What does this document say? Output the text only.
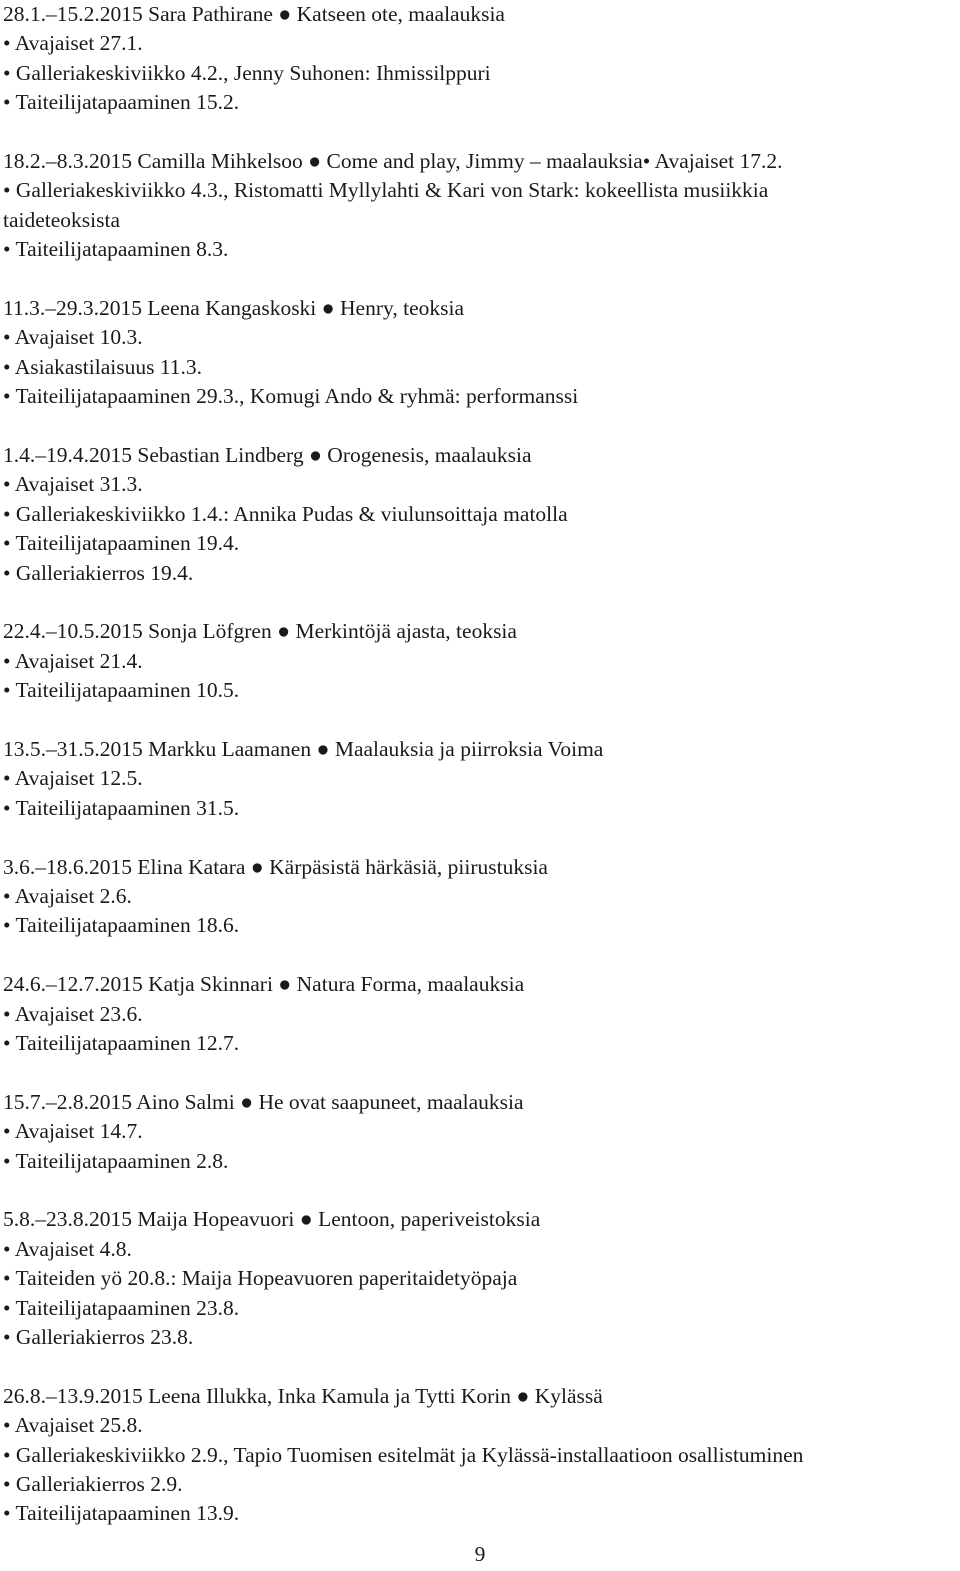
28.1.–15.2.2015 Sara Pathirane ● Katseen ote, maalauksia
• Avajaiset 27.1.
• Galleriakeskiviikko 4.2., Jenny Suhonen: Ihmissilppuri
• Taiteilijatapaaminen 15.2.
18.2.–8.3.2015 Camilla Mihkelsoo ● Come and play, Jimmy – maalauksia• Avajaiset 17.2.
• Galleriakeskiviikko 4.3., Ristomatti Myllylahti & Kari von Stark: kokeellista musiikkia
taideteoksista
• Taiteilijatapaaminen 8.3.
11.3.–29.3.2015 Leena Kangaskoski ● Henry, teoksia
• Avajaiset 10.3.
• Asiakastilaisuus 11.3.
• Taiteilijatapaaminen 29.3., Komugi Ando & ryhmä: performanssi
1.4.–19.4.2015 Sebastian Lindberg ● Orogenesis, maalauksia
• Avajaiset 31.3.
• Galleriakeskiviikko 1.4.: Annika Pudas & viulunsoittaja matolla
• Taiteilijatapaaminen 19.4.
• Galleriakierros 19.4.
22.4.–10.5.2015 Sonja Löfgren ● Merkintöjä ajasta, teoksia
• Avajaiset 21.4.
• Taiteilijatapaaminen 10.5.
13.5.–31.5.2015 Markku Laamanen ● Maalauksia ja piirroksia Voima
• Avajaiset 12.5.
• Taiteilijatapaaminen 31.5.
3.6.–18.6.2015 Elina Katara ● Kärpäsistä härkäsiä, piirustuksia
• Avajaiset 2.6.
• Taiteilijatapaaminen 18.6.
24.6.–12.7.2015 Katja Skinnari ● Natura Forma, maalauksia
• Avajaiset 23.6.
• Taiteilijatapaaminen 12.7.
15.7.–2.8.2015 Aino Salmi ● He ovat saapuneet, maalauksia
• Avajaiset 14.7.
• Taiteilijatapaaminen 2.8.
5.8.–23.8.2015 Maija Hopeavuori ● Lentoon, paperiveistoksia
• Avajaiset 4.8.
• Taiteiden yö 20.8.: Maija Hopeavuoren paperitaidetyöpaja
• Taiteilijatapaaminen 23.8.
• Galleriakierros 23.8.
26.8.–13.9.2015 Leena Illukka, Inka Kamula ja Tytti Korin ● Kylässä
• Avajaiset 25.8.
• Galleriakeskiviikko 2.9., Tapio Tuomisen esitelmät ja Kylässä-installaatioon osallistuminen
• Galleriakierros 2.9.
• Taiteilijatapaaminen 13.9.
9
